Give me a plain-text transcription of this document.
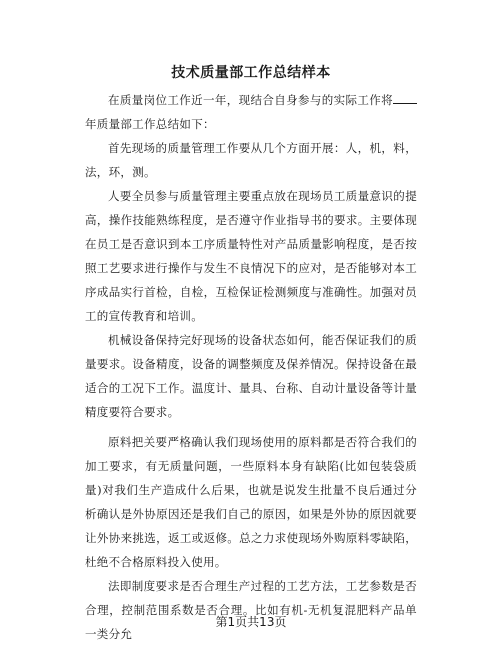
技术质量部工作总结样本

在质量岗位工作近一年，现结合自身参与的实际工作将年质量部工作总结如下：

首先现场的质量管理工作要从几个方面开展：人，机，料，法，环，测。

人要全员参与质量管理主要重点放在现场员工质量意识的提高，操作技能熟练程度，是否遵守作业指导书的要求。主要体现在员工是否意识到本工序质量特性对产品质量影响程度，是否按照工艺要求进行操作与发生不良情况下的应对，是否能够对本工序成品实行首检，自检，互检保证检测频度与准确性。加强对员工的宣传教育和培训。

机械设备保持完好现场的设备状态如何，能否保证我们的质量要求。设备精度，设备的调整频度及保养情况。保持设备在最适合的工况下工作。温度计、量具、台称、自动计量设备等计量精度要符合要求。

原料把关要严格确认我们现场使用的原料都是否符合我们的加工要求，有无质量问题，一些原料本身有缺陷(比如包装袋质量)对我们生产造成什么后果，也就是说发生批量不良后通过分析确认是外协原因还是我们自己的原因，如果是外协的原因就要让外协来挑选，返工或返修。总之力求使现场外购原料零缺陷，杜绝不合格原料投入使用。

法即制度要求是否合理生产过程的工艺方法，工艺参数是否合理，控制范围系数是否合理。比如有机-无机复混肥料产品单一类分允

第1页共13页
